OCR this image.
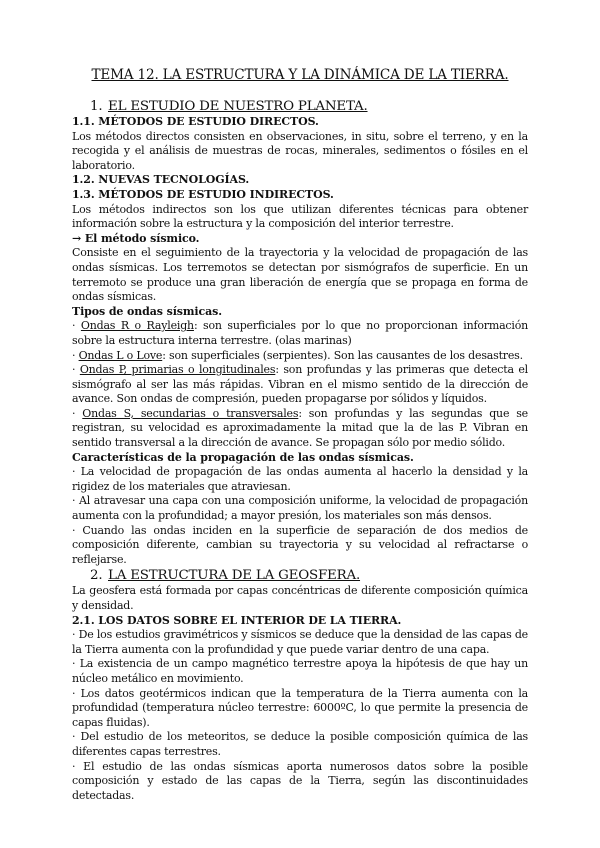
TEMA 12. LA ESTRUCTURA Y LA DINÁMICA DE LA TIERRA.
1. EL ESTUDIO DE NUESTRO PLANETA.
1.1. MÉTODOS DE ESTUDIO DIRECTOS.

Los métodos directos consisten en observaciones, in situ, sobre el terreno, y en la recogida y el análisis de muestras de rocas, minerales, sedimentos o fósiles en el laboratorio.

1.2. NUEVAS TECNOLOGÍAS.
1.3. MÉTODOS DE ESTUDIO INDIRECTOS.

Los métodos indirectos son los que utilizan diferentes técnicas para obtener información sobre la estructura y la composición del interior terrestre.

→ El método sísmico.

Consiste en el seguimiento de la trayectoria y la velocidad de propagación de las ondas sísmicas. Los terremotos se detectan por sismógrafos de superficie. En un terremoto se produce una gran liberación de energía que se propaga en forma de ondas sísmicas.

Tipos de ondas sísmicas.

· Ondas R o Rayleigh: son superficiales por lo que no proporcionan información sobre la estructura interna terrestre. (olas marinas)

· Ondas L o Love: son superficiales (serpientes). Son las causantes de los desastres.

· Ondas P, primarias o longitudinales: son profundas y las primeras que detecta el sismógrafo al ser las más rápidas. Vibran en el mismo sentido de la dirección de avance. Son ondas de compresión, pueden propagarse por sólidos y líquidos.

· Ondas S, secundarias o transversales: son profundas y las segundas que se registran, su velocidad es aproximadamente la mitad que la de las P. Vibran en sentido transversal a la dirección de avance. Se propagan sólo por medio sólido.

Características de la propagación de las ondas sísmicas.

· La velocidad de propagación de las ondas aumenta al hacerlo la densidad y la rigidez de los materiales que atraviesan.

· Al atravesar una capa con una composición uniforme, la velocidad de propagación aumenta con la profundidad; a mayor presión, los materiales son más densos.

· Cuando las ondas inciden en la superficie de separación de dos medios de composición diferente, cambian su trayectoria y su velocidad al refractarse o reflejarse.

2. LA ESTRUCTURA DE LA GEOSFERA.

La geosfera está formada por capas concéntricas de diferente composición química y densidad.

2.1. LOS DATOS SOBRE EL INTERIOR DE LA TIERRA.

· De los estudios gravimétricos y sísmicos se deduce que la densidad de las capas de la Tierra aumenta con la profundidad y que puede variar dentro de una capa.

· La existencia de un campo magnético terrestre apoya la hipótesis de que hay un núcleo metálico en movimiento.

· Los datos geotérmicos indican que la temperatura de la Tierra aumenta con la profundidad (temperatura núcleo terrestre: 6000ºC, lo que permite la presencia de capas fluidas).

· Del estudio de los meteoritos, se deduce la posible composición química de las diferentes capas terrestres.

· El estudio de las ondas sísmicas aporta numerosos datos sobre la posible composición y estado de las capas de la Tierra, según las discontinuidades detectadas.
